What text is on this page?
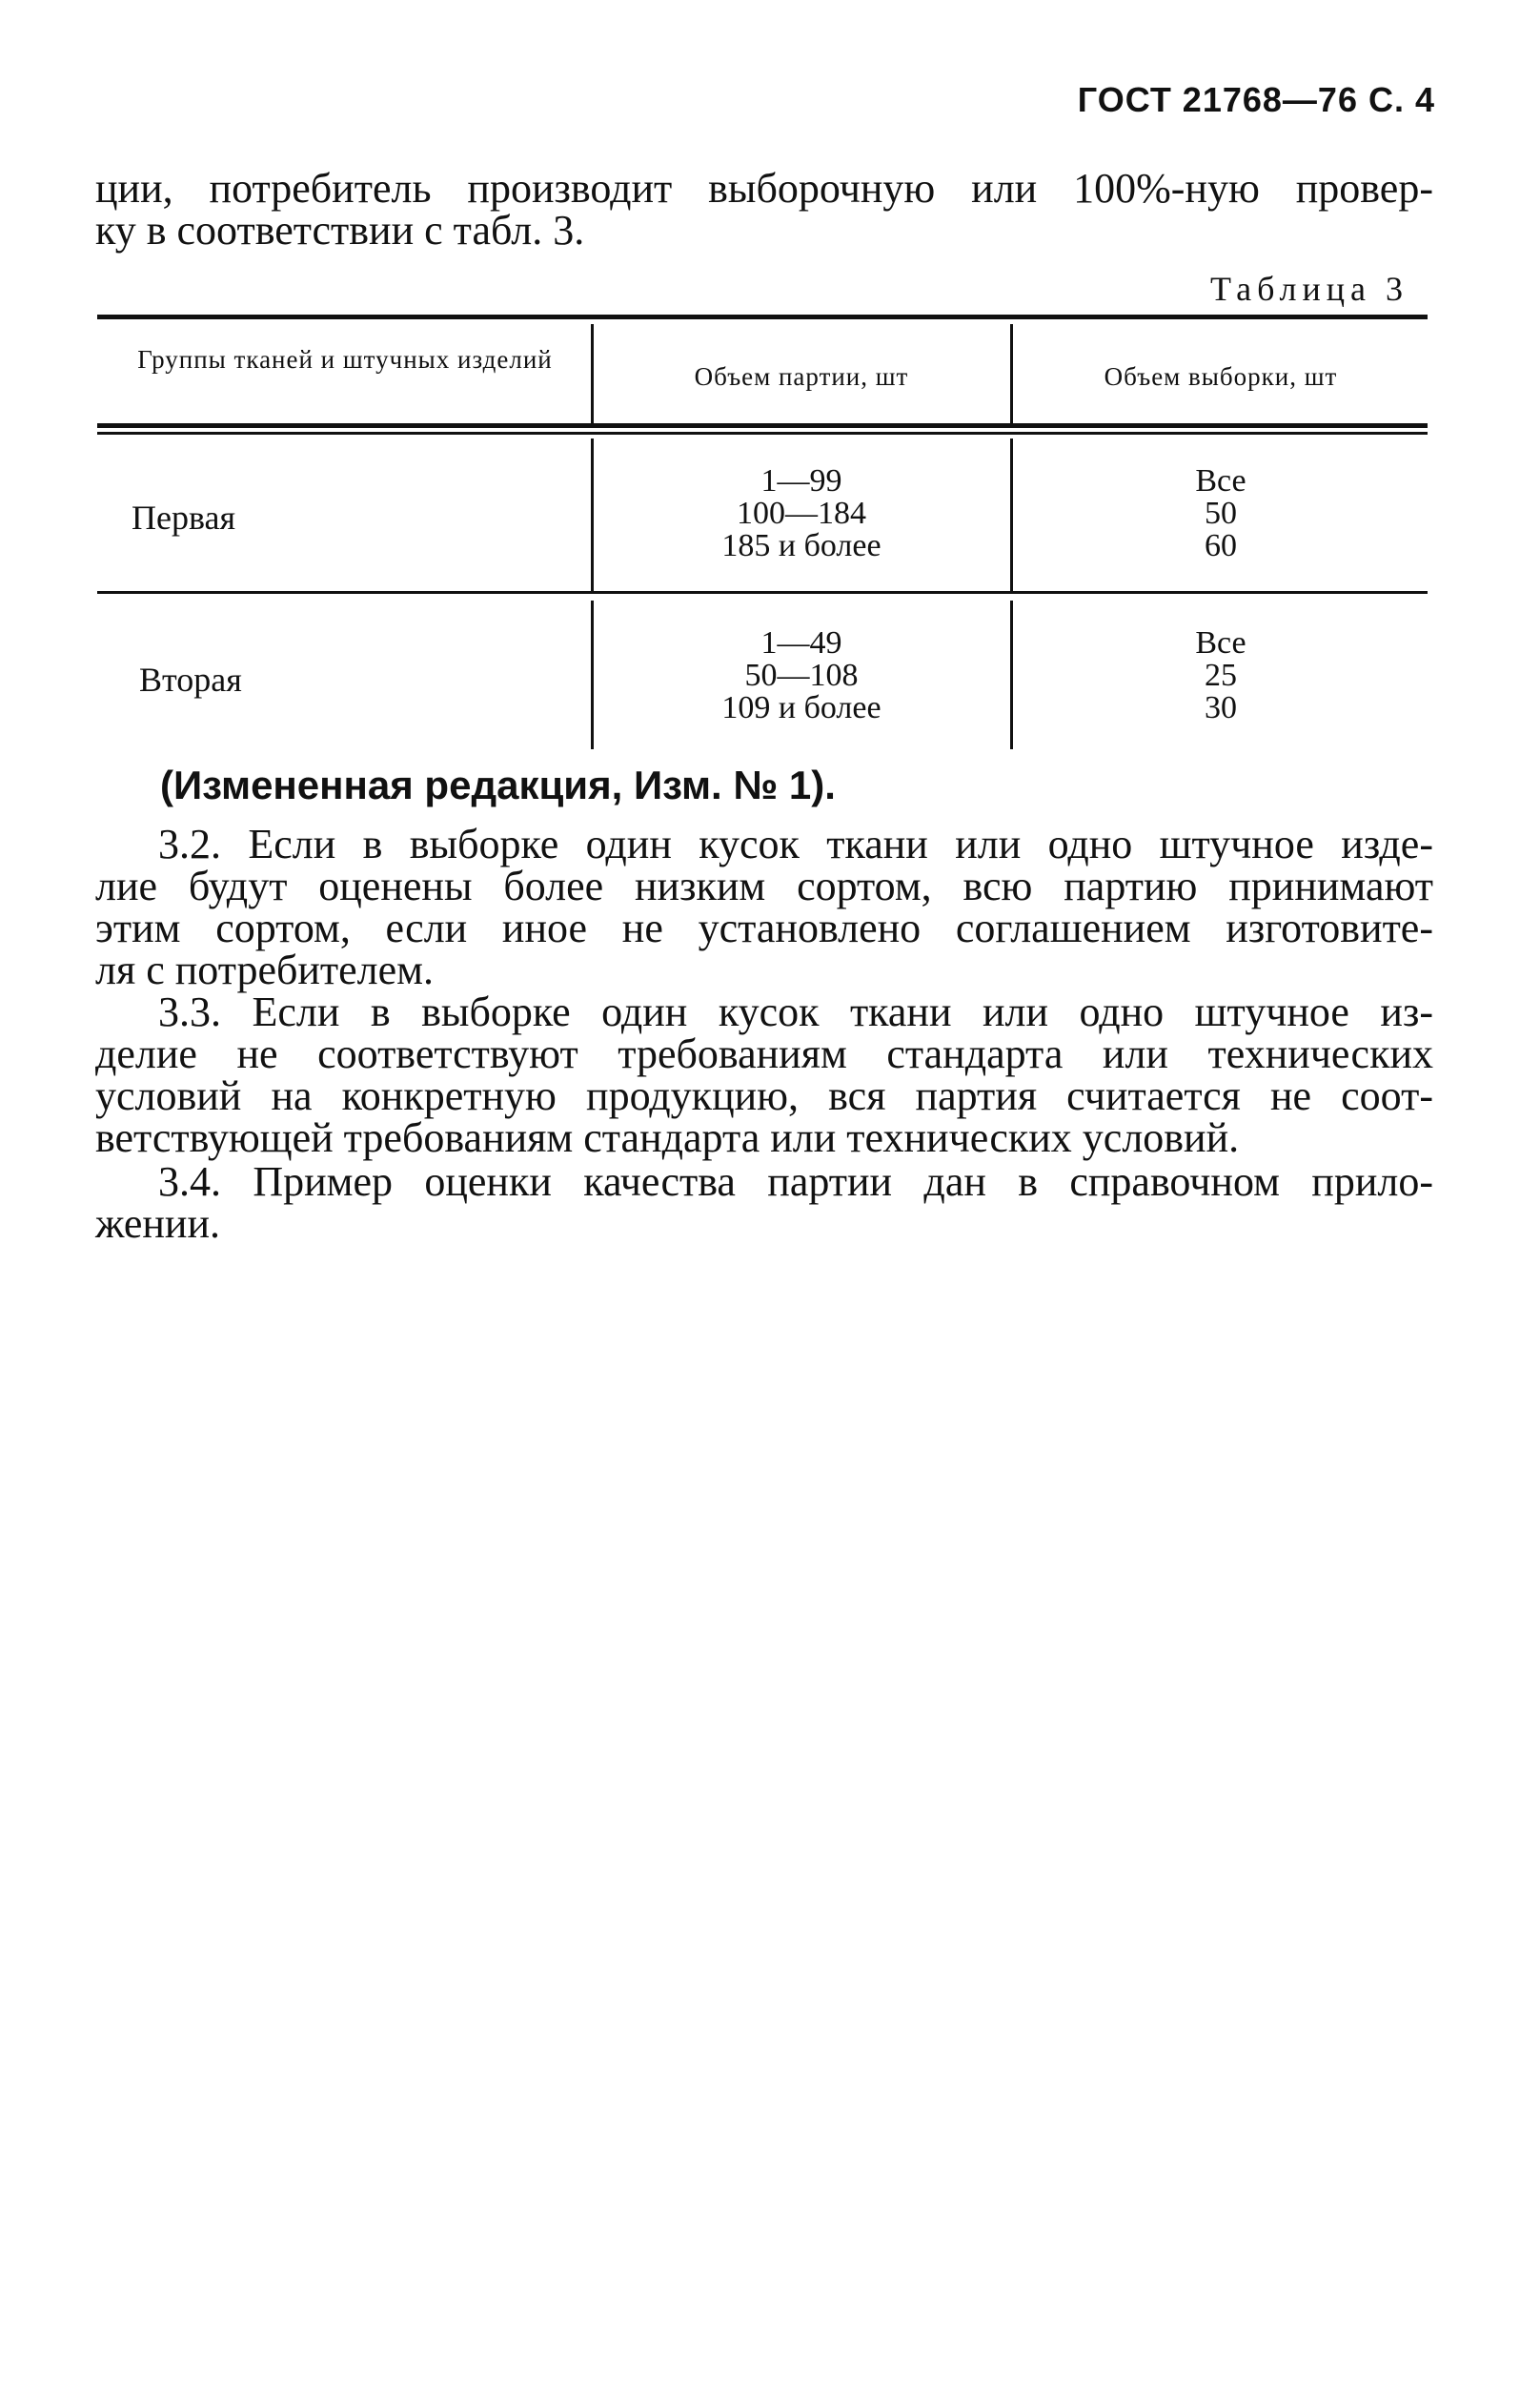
ГОСТ 21768—76 С. 4
ции, потребитель производит выборочную или 100%-ную провер-
ку в соответствии с табл. 3.
Таблица 3
Группы тканей и штучных изделий
Объем партии, шт	Объем выборки, шт
Первая
1—99
100—184
185 и более
Все
50
60
Вторая
1—49
50—108
109 и более
Все
25
30
(Измененная редакция, Изм. № 1).
3.2. Если в выборке один кусок ткани или одно штучное изде-
лие будут оценены более низким сортом, всю партию принимают
этим сортом, если иное не установлено соглашением изготовите-
ля с потребителем.
3.3. Если в выборке один кусок ткани или одно штучное из-
делие не соответствуют требованиям стандарта или технических
условий на конкретную продукцию, вся партия считается не соот-
ветствующей требованиям стандарта или технических условий.
3.4. Пример оценки качества партии дан в справочном прило-
жении.
